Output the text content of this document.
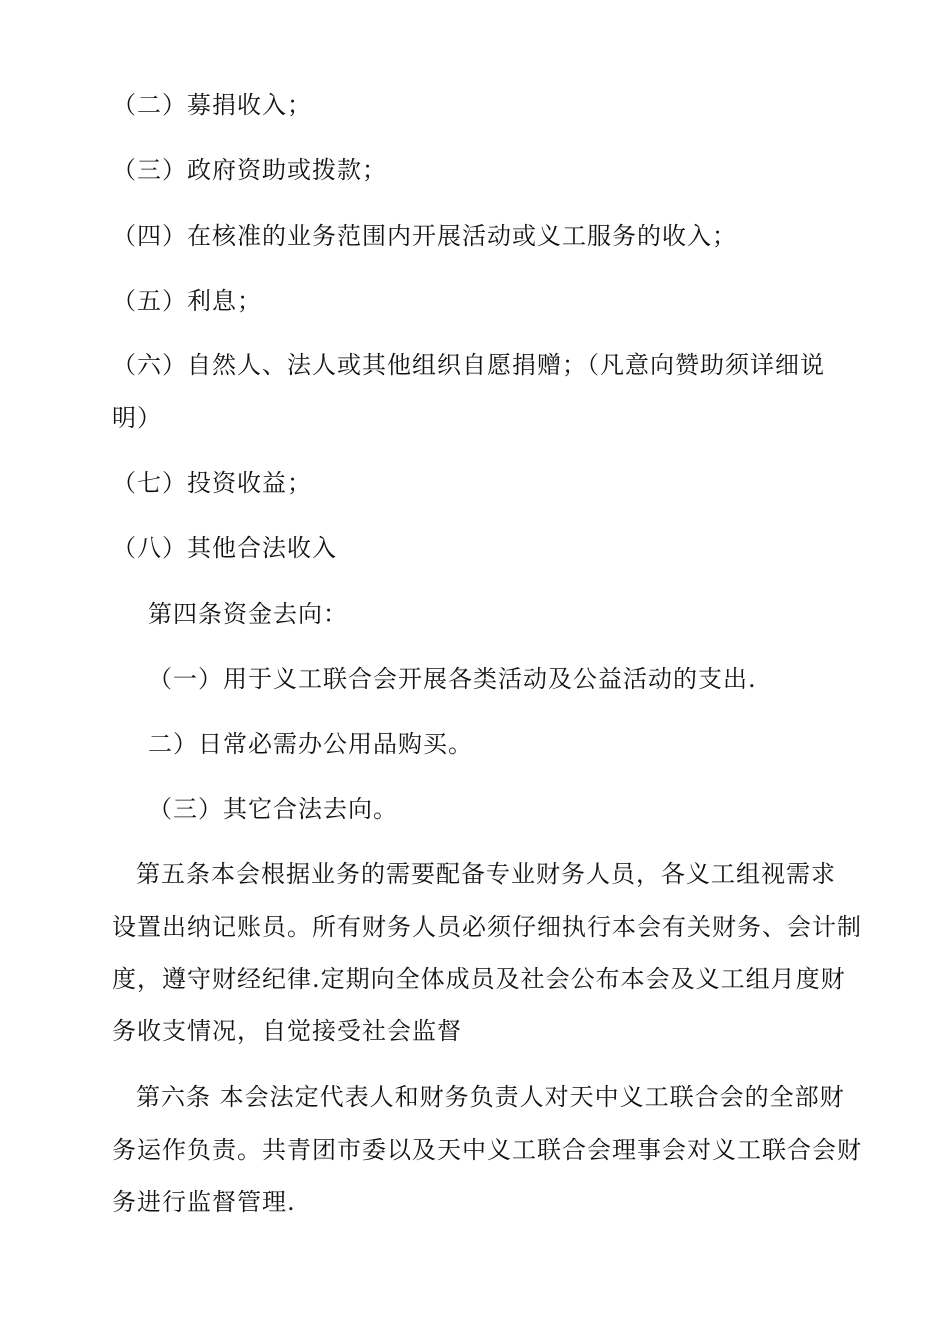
（二）募捐收入；
（三）政府资助或拨款；
（四）在核准的业务范围内开展活动或义工服务的收入；
（五）利息；
（六）自然人、法人或其他组织自愿捐赠；（凡意向赞助须详细说
明）
（七）投资收益；
（八）其他合法收入
第四条资金去向：
（一）用于义工联合会开展各类活动及公益活动的支出.
二）日常必需办公用品购买。
（三）其它合法去向。
第五条本会根据业务的需要配备专业财务人员，各义工组视需求
设置出纳记账员。所有财务人员必须仔细执行本会有关财务、会计制
度，遵守财经纪律.定期向全体成员及社会公布本会及义工组月度财
务收支情况，自觉接受社会监督
第六条 本会法定代表人和财务负责人对天中义工联合会的全部财
务运作负责。共青团市委以及天中义工联合会理事会对义工联合会财
务进行监督管理.
